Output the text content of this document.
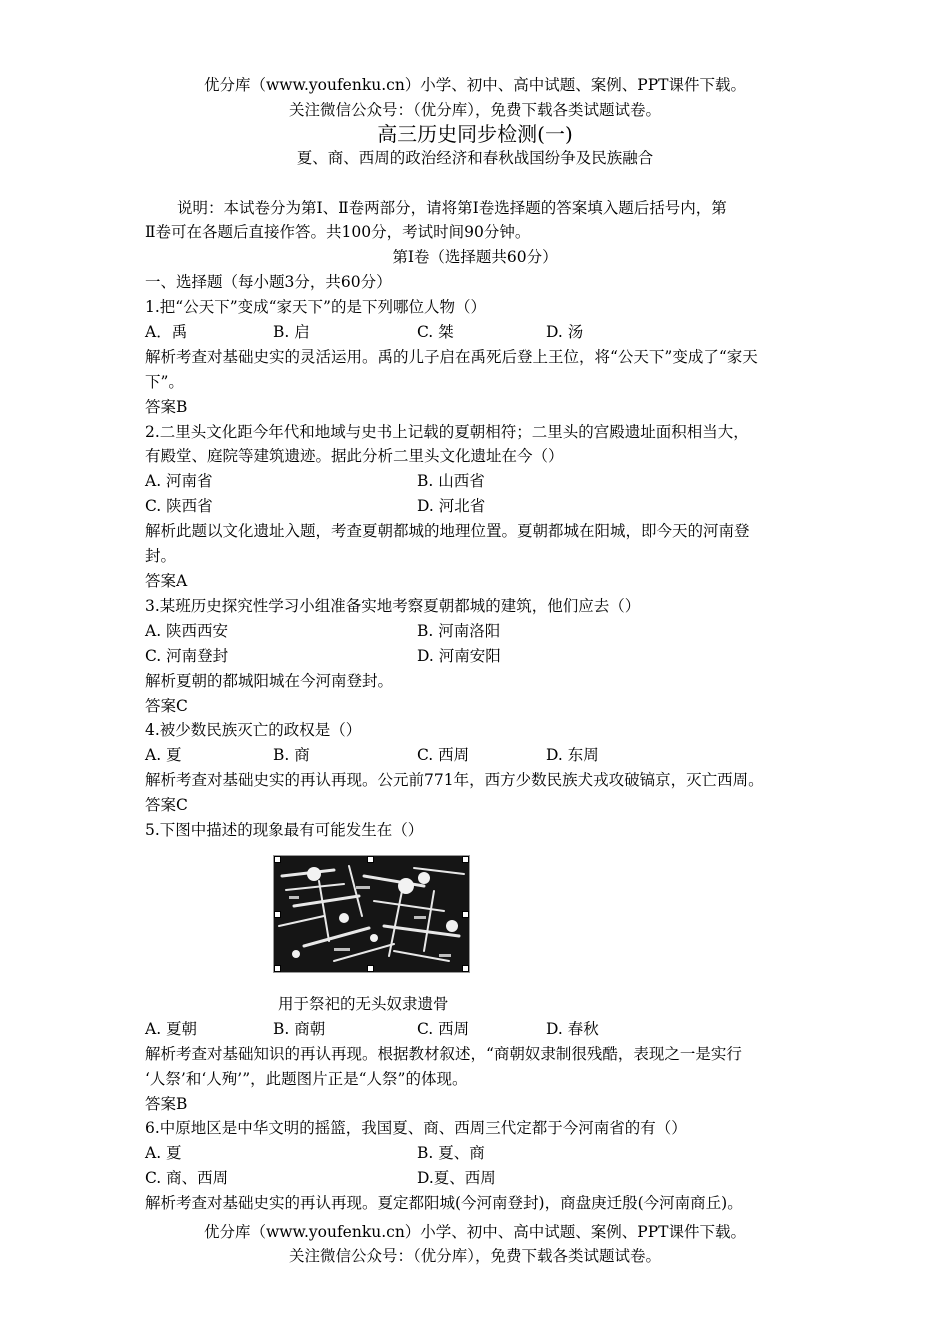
优分库（www.youfenku.cn）小学、初中、高中试题、案例、PPT课件下载。
关注微信公众号：（优分库），免费下载各类试题试卷。
高三历史同步检测(一)
夏、商、西周的政治经济和春秋战国纷争及民族融合
说明：本试卷分为第Ⅰ、Ⅱ卷两部分，请将第Ⅰ卷选择题的答案填入题后括号内，第
Ⅱ卷可在各题后直接作答。共100分，考试时间90分钟。
第Ⅰ卷（选择题共60分）
一、选择题（每小题3分，共60分）
1.把“公天下”变成“家天下”的是下列哪位人物（）
A．禹	B. 启	C. 桀	D. 汤
解析考查对基础史实的灵活运用。禹的儿子启在禹死后登上王位，将“公天下”变成了“家天
下”。
答案B
2.二里头文化距今年代和地域与史书上记载的夏朝相符；二里头的宫殿遗址面积相当大，
有殿堂、庭院等建筑遗迹。据此分析二里头文化遗址在今（）
A. 河南省	B. 山西省
C. 陕西省	D. 河北省
解析此题以文化遗址入题，考查夏朝都城的地理位置。夏朝都城在阳城，即今天的河南登
封。
答案A
3.某班历史探究性学习小组准备实地考察夏朝都城的建筑，他们应去（）
A. 陕西西安	B. 河南洛阳
C. 河南登封	D. 河南安阳
解析夏朝的都城阳城在今河南登封。
答案C
4.被少数民族灭亡的政权是（）
A. 夏	B. 商	C. 西周	D. 东周
解析考查对基础史实的再认再现。公元前771年，西方少数民族犬戎攻破镐京，灭亡西周。
答案C
5.下图中描述的现象最有可能发生在（）
用于祭祀的无头奴隶遗骨
A. 夏朝	B. 商朝	C. 西周	D. 春秋
解析考查对基础知识的再认再现。根据教材叙述，“商朝奴隶制很残酷，表现之一是实行
‘人祭’和‘人殉’”，此题图片正是“人祭”的体现。
答案B
6.中原地区是中华文明的摇篮，我国夏、商、西周三代定都于今河南省的有（）
A. 夏	B. 夏、商
C. 商、西周	D.夏、西周
解析考查对基础史实的再认再现。夏定都阳城(今河南登封)，商盘庚迁殷(今河南商丘)。
优分库（www.youfenku.cn）小学、初中、高中试题、案例、PPT课件下载。
关注微信公众号：（优分库），免费下载各类试题试卷。
